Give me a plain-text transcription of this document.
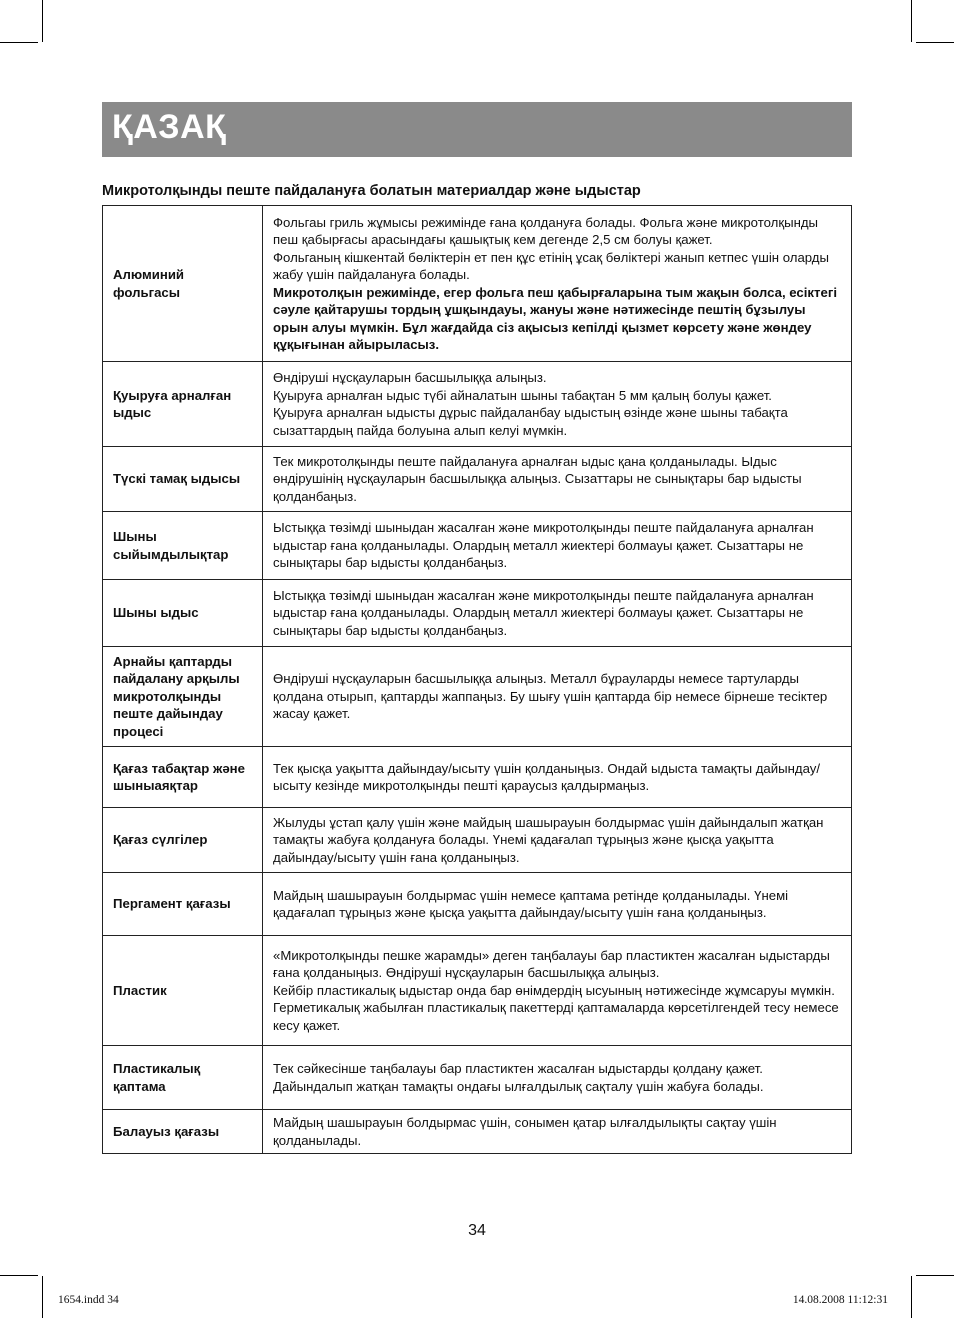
ҚАЗАҚ
Микротолқынды пеште пайдалануға болатын материалдар және ыдыстар
Алюминий фольгасы	Фольгаы гриль жұмысы режимінде ғана қолдануға болады. Фольга және микротолқынды пеш қабырғасы арасындағы қашықтық кем дегенде 2,5 см болуы қажет.

Фольганың кішкентай бөліктерін ет пен құс етінің ұсақ бөліктері жанып кетпес үшін оларды жабу үшін пайдалануға болады.

Микротолқын режимінде, егер фольга пеш қабырғаларына тым жақын болса, есіктегі сәуле қайтарушы тордың ұшқындауы, жануы және нәтижесінде пештің бұзылуы орын алуы мүмкін. Бұл жағдайда сіз ақысыз кепілді қызмет көрсету және жөндеу құқығынан айырыласыз.

Қуыруға арналған ыдыс	Өндіруші нұсқауларын басшылыққа алыңыз.

Қуыруға арналған ыдыс түбі айналатын шыны табақтан 5 мм қалың болуы қажет.

Қуыруға арналған ыдысты дұрыс пайдаланбау ыдыстың өзінде және шыны табақта сызаттардың пайда болуына алып келуі мүмкін.

Түскі тамақ ыдысы	Тек микротолқынды пеште пайдалануға арналған ыдыс қана қолданылады. Ыдыс өндірушінің нұсқауларын басшылыққа алыңыз. Сызаттары не сынықтары бар ыдысты қолданбаңыз.

Шыны сыйымдылықтар	Ыстыққа төзімді шыныдан жасалған және микротолқынды пеште пайдалануға арналған ыдыстар ғана қолданылады. Олардың металл жиектері болмауы қажет. Сызаттары не сынықтары бар ыдысты қолданбаңыз.

Шыны ыдыс	Ыстыққа төзімді шыныдан жасалған және микротолқынды пеште пайдалануға арналған ыдыстар ғана қолданылады. Олардың металл жиектері болмауы қажет. Сызаттары не сынықтары бар ыдысты қолданбаңыз.

Арнайы қаптарды пайдалану арқылы микротолқынды пеште дайындау процесі	Өндіруші нұсқауларын басшылыққа алыңыз. Металл бұрауларды немесе тартуларды қолдана отырып, қаптарды жаппаңыз. Бу шығу үшін қаптарда бір немесе бірнеше тесіктер жасау қажет.

Қағаз табақтар және шыныаяқтар	Тек қысқа уақытта дайындау/ысыту үшін қолданыңыз. Ондай ыдыста тамақты дайындау/ысыту кезінде микротолқынды пешті қараусыз қалдырмаңыз.

Қағаз сүлгілер	Жылуды ұстап қалу үшін және майдың шашырауын болдырмас үшін дайындалып жатқан тамақты жабуға қолдануға болады. Үнемі қадағалап тұрыңыз және қысқа уақытта дайындау/ысыту үшін ғана қолданыңыз.

Пергамент қағазы	Майдың шашырауын болдырмас үшін немесе қаптама ретінде қолданылады. Үнемі қадағалап тұрыңыз және қысқа уақытта дайындау/ысыту үшін ғана қолданыңыз.

Пластик	«Микротолқынды пешке жарамды» деген таңбалауы бар пластиктен жасалған ыдыстарды ғана қолданыңыз. Өндіруші нұсқауларын басшылыққа алыңыз.

Кейбір пластикалық ыдыстар онда бар өнімдердің ысуының нәтижесінде жұмсаруы мүмкін.

Герметикалық жабылған пластикалық пакеттерді қаптамаларда көрсетілгендей тесу немесе кесу қажет.

Пластикалық қаптама	Тек сәйкесінше таңбалауы бар пластиктен жасалған ыдыстарды қолдану қажет. Дайындалып жатқан тамақты ондағы ылғалдылық сақталу үшін жабуға болады.

Балауыз қағазы	Майдың шашырауын болдырмас үшін, сонымен қатар ылғалдылықты сақтау үшін қолданылады.

34
1654.indd 34	14.08.2008 11:12:31
